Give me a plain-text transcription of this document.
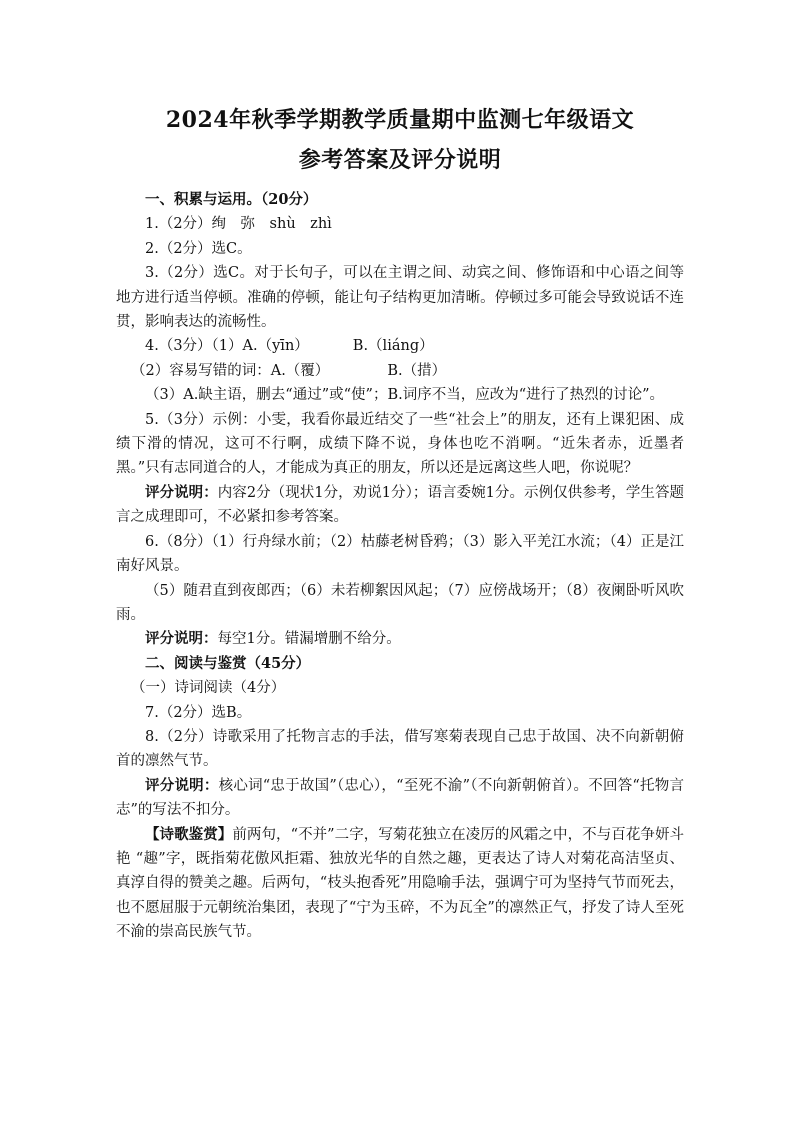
2024年秋季学期教学质量期中监测七年级语文
参考答案及评分说明

一、积累与运用。（20分）

1.（2分）绚　弥　shù　zhì

2.（2分）选C。

3.（2分）选C。对于长句子，可以在主谓之间、动宾之间、修饰语和中心语之间等地方进行适当停顿。准确的停顿，能让句子结构更加清晰。停顿过多可能会导致说话不连贯，影响表达的流畅性。

4.（3分）（1）A.（yīn）	B.（liáng）

（2）容易写错的词：A.（覆）	B.（措）

（3）A.缺主语，删去“通过”或“使”；B.词序不当，应改为“进行了热烈的讨论”。

5.（3分）示例：小雯，我看你最近结交了一些“社会上”的朋友，还有上课犯困、成绩下滑的情况，这可不行啊，成绩下降不说，身体也吃不消啊。“近朱者赤，近墨者黑。”只有志同道合的人，才能成为真正的朋友，所以还是远离这些人吧，你说呢？

评分说明：内容2分（现状1分，劝说1分）；语言委婉1分。示例仅供参考，学生答题言之成理即可，不必紧扣参考答案。

6.（8分）（1）行舟绿水前；（2）枯藤老树昏鸦；（3）影入平羌江水流；（4）正是江南好风景。

（5）随君直到夜郎西；（6）未若柳絮因风起；（7）应傍战场开；（8）夜阑卧听风吹雨。

评分说明：每空1分。错漏增删不给分。

二、阅读与鉴赏（45分）

（一）诗词阅读（4分）

7.（2分）选B。

8.（2分）诗歌采用了托物言志的手法，借写寒菊表现自己忠于故国、决不向新朝俯首的凛然气节。

评分说明：核心词“忠于故国”（忠心），“至死不渝”（不向新朝俯首）。不回答“托物言志”的写法不扣分。

【诗歌鉴赏】前两句，“不并”二字，写菊花独立在凌厉的风霜之中，不与百花争妍斗艳 “趣”字，既指菊花傲风拒霜、独放光华的自然之趣，更表达了诗人对菊花高洁坚贞、真淳自得的赞美之趣。后两句，“枝头抱香死”用隐喻手法，强调宁可为坚持气节而死去，也不愿屈服于元朝统治集团，表现了“宁为玉碎，不为瓦全”的凛然正气，抒发了诗人至死不渝的崇高民族气节。
